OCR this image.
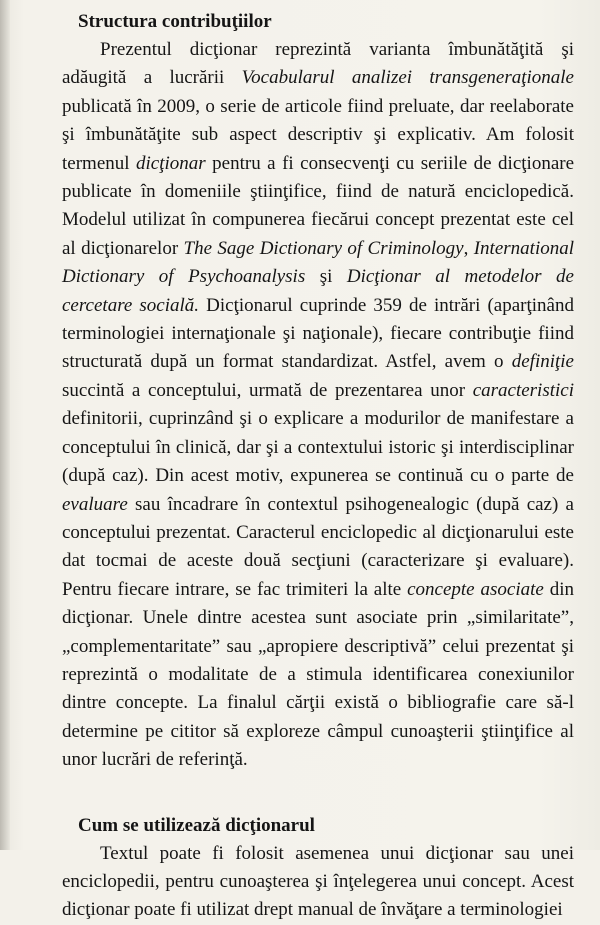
Structura contribuţiilor

Prezentul dicţionar reprezintă varianta îmbunătăţită şi adăugită a lucrării Vocabularul analizei transgeneraţionale publicată în 2009, o serie de articole fiind preluate, dar reelaborate şi îmbunătăţite sub aspect descriptiv şi explicativ. Am folosit termenul dicţionar pentru a fi consecvenţi cu seriile de dicţionare publicate în domeniile ştiinţifice, fiind de natură enciclopedică. Modelul utilizat în compunerea fiecărui concept prezentat este cel al dicţionarelor The Sage Dictionary of Criminology, International Dictionary of Psychoanalysis şi Dicţionar al metodelor de cercetare socială. Dicţionarul cuprinde 359 de intrări (aparţinând terminologiei internaţionale şi naţionale), fiecare contribuţie fiind structurată după un format standardizat. Astfel, avem o definiţie succintă a conceptului, urmată de prezentarea unor caracteristici definitorii, cuprinzând şi o explicare a modurilor de manifestare a conceptului în clinică, dar şi a contextului istoric şi interdisciplinar (după caz). Din acest motiv, expunerea se continuă cu o parte de evaluare sau încadrare în contextul psihogenealogic (după caz) a conceptului prezentat. Caracterul enciclopedic al dicţionarului este dat tocmai de aceste două secţiuni (caracterizare şi evaluare). Pentru fiecare intrare, se fac trimiteri la alte concepte asociate din dicţionar. Unele dintre acestea sunt asociate prin „similaritate”, „complementaritate” sau „apropiere descriptivă” celui prezentat şi reprezintă o modalitate de a stimula identificarea conexiunilor dintre concepte. La finalul cărţii există o bibliografie care să-l determine pe cititor să exploreze câmpul cunoaşterii ştiinţifice al unor lucrări de referinţă.

Cum se utilizează dicţionarul

Textul poate fi folosit asemenea unui dicţionar sau unei enciclopedii, pentru cunoaşterea şi înţelegerea unui concept. Acest dicţionar poate fi utilizat drept manual de învăţare a terminologiei
